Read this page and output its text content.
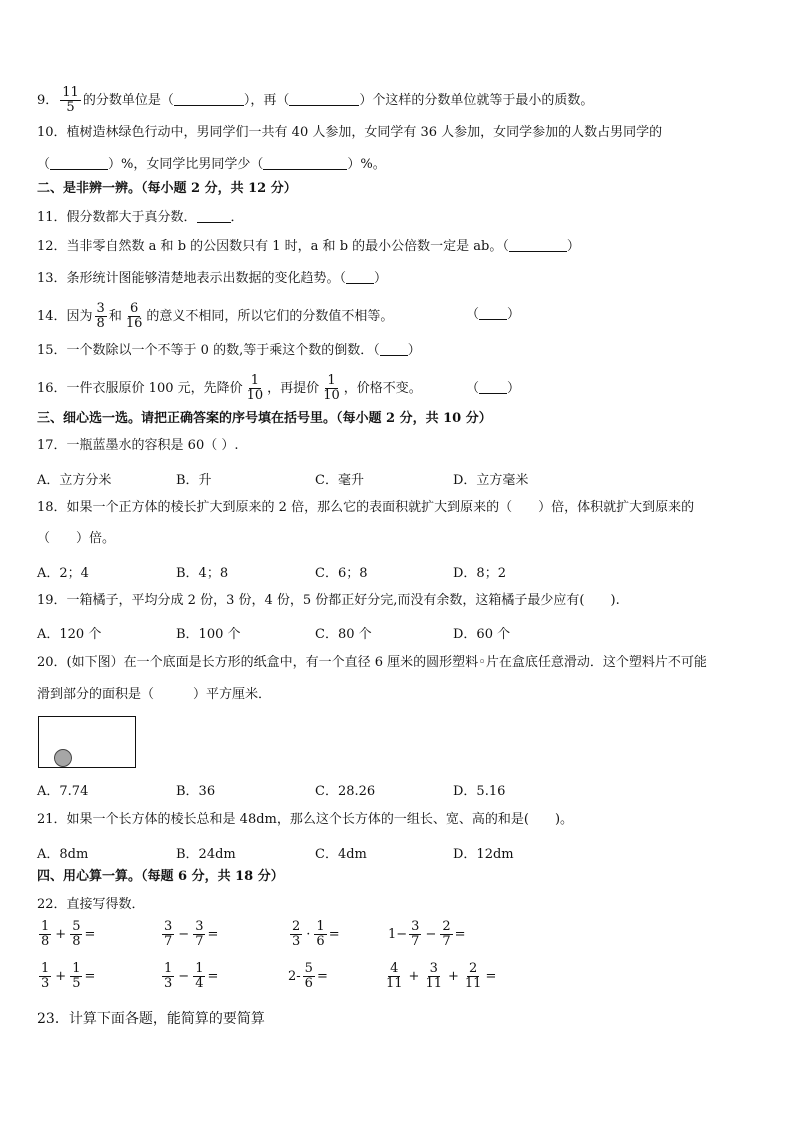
9． $\frac{11}{5}$ 的分数单位是（	），再（	）个这样的分数单位就等于最小的质数。
10．植树造林绿色行动中，男同学们一共有 40 人参加，女同学有 36 人参加，女同学参加的人数占男同学的
（	）%，女同学比男同学少（	）%。
二、是非辨一辨。（每小题 2 分，共 12 分）
11．假分数都大于真分数．	．
12．当非零自然数 a 和 b 的公因数只有 1 时，a 和 b 的最小公倍数一定是 ab。（	）
13．条形统计图能够清楚地表示出数据的变化趋势。（ ）
14．因为 $\frac{3}{8}$ 和 $\frac{6}{16}$ 的意义不相同，所以它们的分数值不相等。	（ ）
15．一个数除以一个不等于 0 的数,等于乘这个数的倒数．（ ）
16．一件衣服原价 100 元，先降价 $\frac{1}{10}$ ，再提价 $\frac{1}{10}$ ，价格不变。	（ ）
三、细心选一选。请把正确答案的序号填在括号里。（每小题 2 分，共 10 分）
17．一瓶蓝墨水的容积是 60（ ）.
A．立方分米	B．升	C．毫升	D．立方毫米
18．如果一个正方体的棱长扩大到原来的 2 倍，那么它的表面积就扩大到原来的（　　）倍，体积就扩大到原来的
（　　）倍。
A．2；4	B．4；8	C．6；8	D．8；2
19．一箱橘子，平均分成 2 份，3 份，4 份，5 份都正好分完,而没有余数，这箱橘子最少应有(　　).
A．120 个	B．100 个	C．80 个	D．60 个
20．(如下图）在一个底面是长方形的纸盒中，有一个直径 6 厘米的圆形塑料◦片在盒底任意滑动．这个塑料片不可能
滑到部分的面积是（　　　）平方厘米．
A．7.74	B．36	C．28.26	D．5.16
21．如果一个长方体的棱长总和是 48dm，那么这个长方体的一组长、宽、高的和是(　　)。
A．8dm	B．24dm	C．4dm	D．12dm
四、用心算一算。（每题 6 分，共 18 分）
22．直接写得数．
$\frac{1}{8} + \frac{5}{8}$ =	$\frac{3}{7} - \frac{3}{7}$ =	$\frac{2}{3} \cdot \frac{1}{6}$ =	$1- \frac{3}{7} - \frac{2}{7}$ =
$\frac{1}{3} + \frac{1}{5}$ =	$\frac{1}{3} - \frac{1}{4}$ =	$2- \frac{5}{6}$ =	$\frac{4}{11} + \frac{3}{11} + \frac{2}{11}$ =
23．计算下面各题，能简算的要简算
